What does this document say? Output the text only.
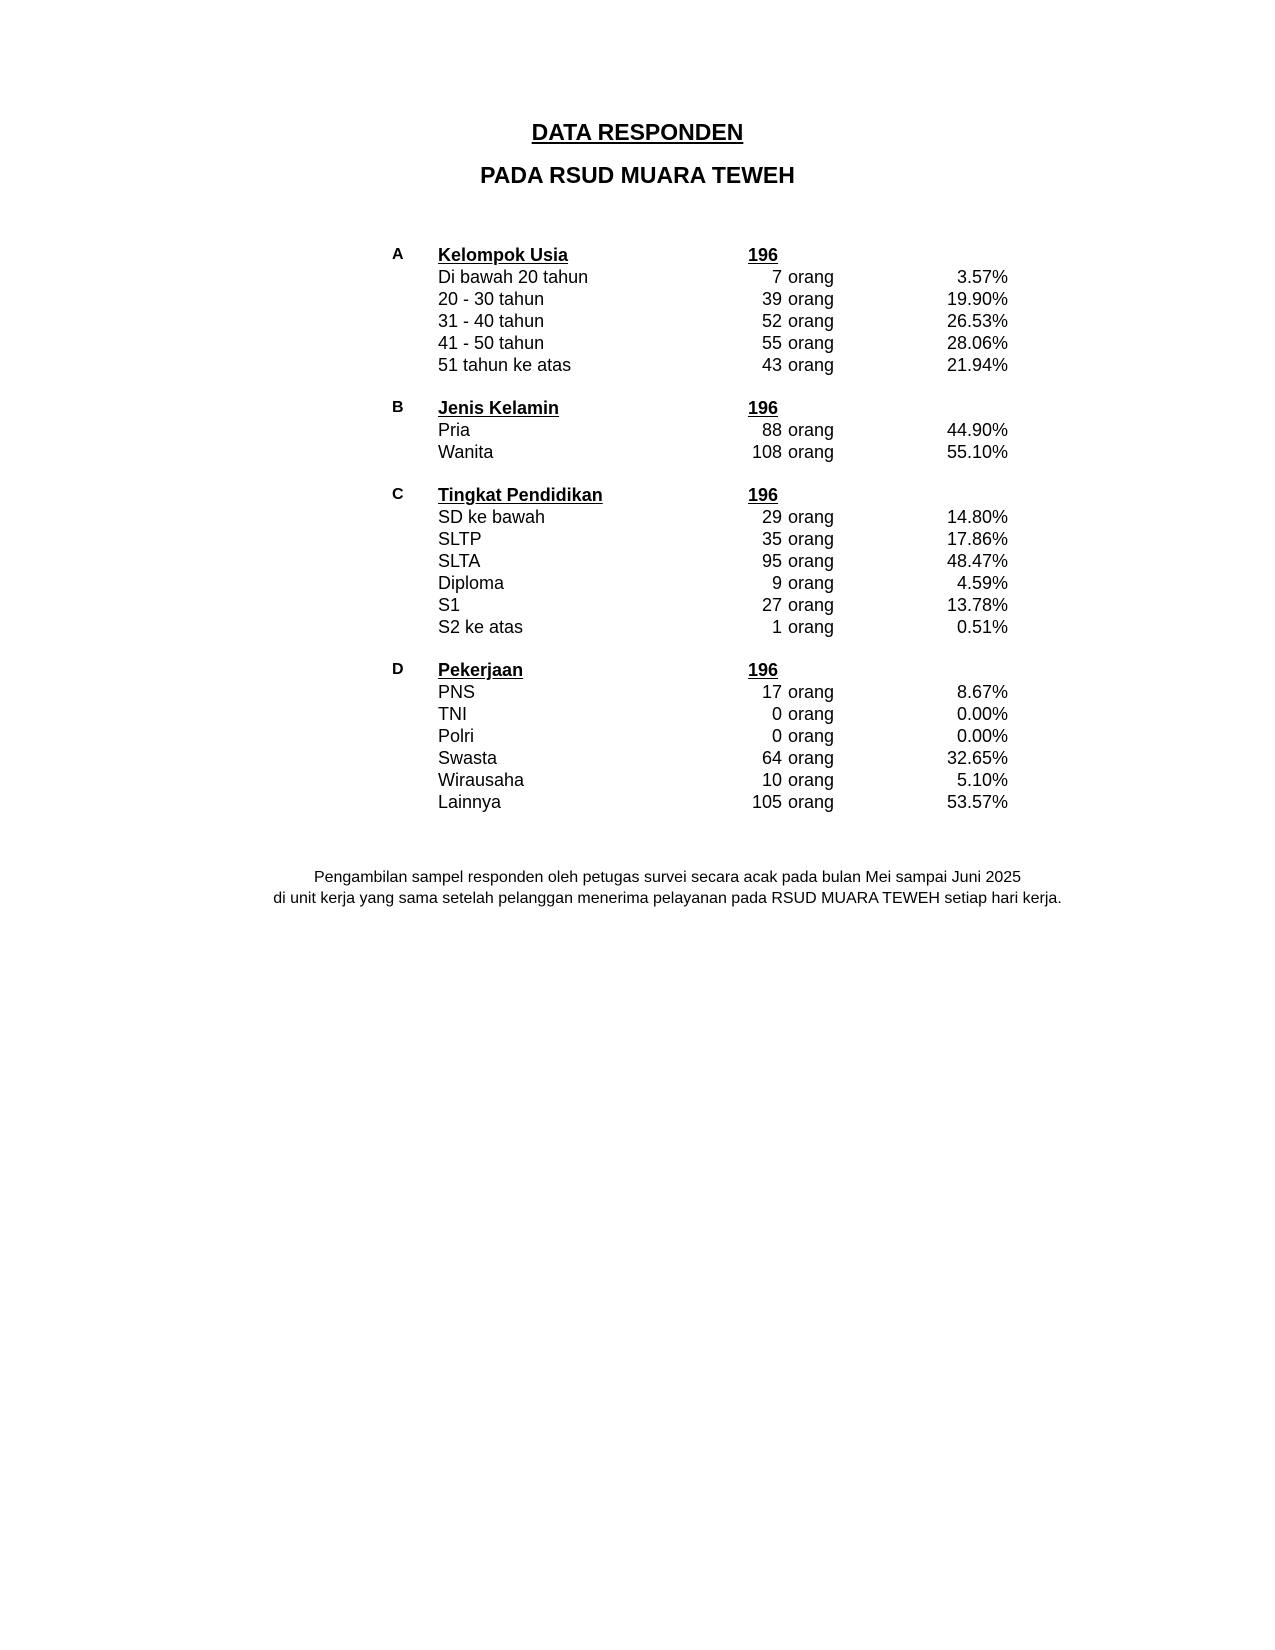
DATA RESPONDEN
PADA RSUD MUARA TEWEH
A Kelompok Usia	196
Di bawah 20 tahun	7 orang	3.57%
20 - 30 tahun	39 orang	19.90%
31 - 40 tahun	52 orang	26.53%
41 - 50 tahun	55 orang	28.06%
51 tahun ke atas	43 orang	21.94%
B Jenis Kelamin	196
Pria	88 orang	44.90%
Wanita	108 orang	55.10%
C Tingkat Pendidikan	196
SD ke bawah	29 orang	14.80%
SLTP	35 orang	17.86%
SLTA	95 orang	48.47%
Diploma	9 orang	4.59%
S1	27 orang	13.78%
S2 ke atas	1 orang	0.51%
D Pekerjaan	196
PNS	17 orang	8.67%
TNI	0 orang	0.00%
Polri	0 orang	0.00%
Swasta	64 orang	32.65%
Wirausaha	10 orang	5.10%
Lainnya	105 orang	53.57%
Pengambilan sampel responden oleh petugas survei secara acak pada bulan Mei sampai Juni 2025
di unit kerja yang sama setelah pelanggan menerima pelayanan pada RSUD MUARA TEWEH setiap hari kerja.
